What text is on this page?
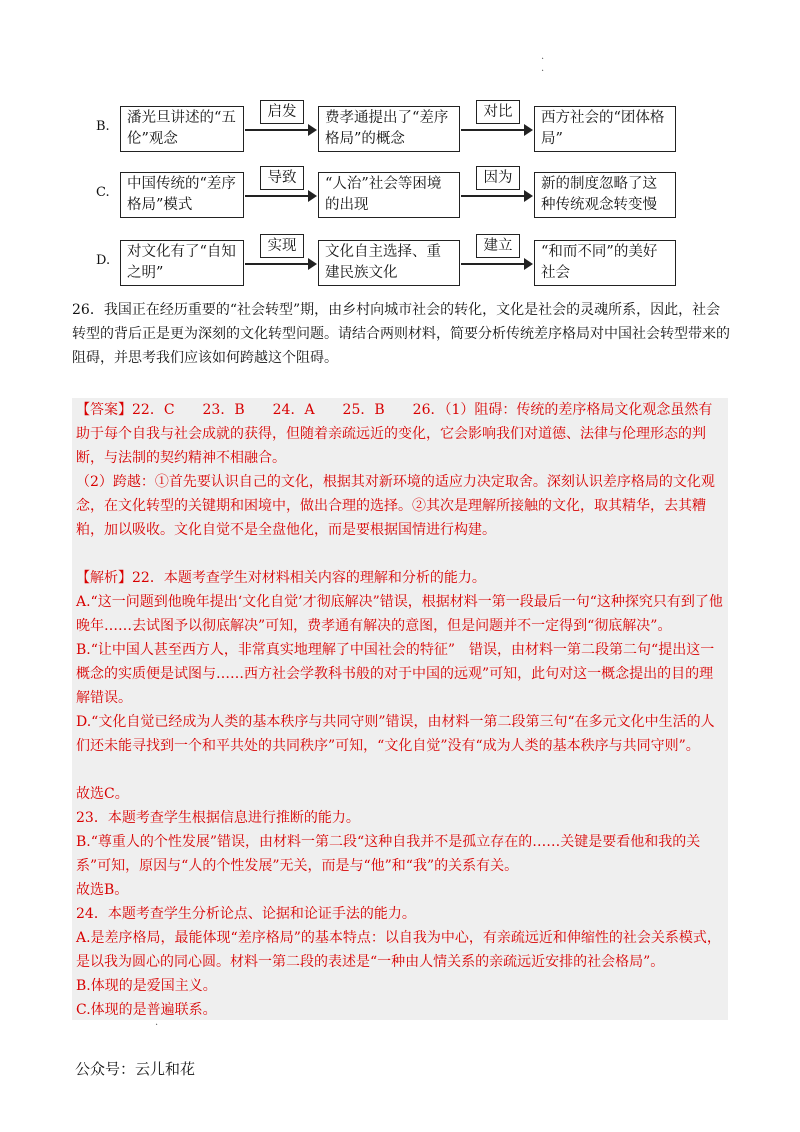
·
·
B.
潘光旦讲述的“五伦”观念
启发	费孝通提出了“差序格局”的概念
对比	西方社会的“团体格局”
C.
中国传统的“差序格局”模式
导致	“人治”社会等困境的出现
因为	新的制度忽略了这种传统观念转变慢
D.
对文化有了“自知之明”
实现	文化自主选择、重建民族文化
建立	“和而不同”的美好社会
26．我国正在经历重要的“社会转型”期，由乡村向城市社会的转化，文化是社会的灵魂所系，因此，社会转型的背后正是更为深刻的文化转型问题。请结合两则材料，简要分析传统差序格局对中国社会转型带来的阻碍，并思考我们应该如何跨越这个阻碍。
【答案】22．C　　23．B　　24．A　　25．B　　26．（1）阻碍：传统的差序格局文化观念虽然有助于每个自我与社会成就的获得，但随着亲疏远近的变化，它会影响我们对道德、法律与伦理形态的判断，与法制的契约精神不相融合。
（2）跨越：①首先要认识自己的文化，根据其对新环境的适应力决定取舍。深刻认识差序格局的文化观念，在文化转型的关键期和困境中，做出合理的选择。②其次是理解所接触的文化，取其精华，去其糟粕，加以吸收。文化自觉不是全盘他化，而是要根据国情进行构建。
【解析】22．本题考查学生对材料相关内容的理解和分析的能力。
A.“这一问题到他晚年提出‘文化自觉’才彻底解决”错误，根据材料一第一段最后一句“这种探究只有到了他晚年……去试图予以彻底解决”可知，费孝通有解决的意图，但是问题并不一定得到“彻底解决”。
B.“让中国人甚至西方人，非常真实地理解了中国社会的特征”　错误，由材料一第二段第二句“提出这一概念的实质便是试图与……西方社会学教科书般的对于中国的远观”可知，此句对这一概念提出的目的理解错误。
D.“文化自觉已经成为人类的基本秩序与共同守则”错误，由材料一第二段第三句“在多元文化中生活的人们还未能寻找到一个和平共处的共同秩序”可知，“文化自觉”没有“成为人类的基本秩序与共同守则”。
故选C。
23．本题考查学生根据信息进行推断的能力。
B.“尊重人的个性发展”错误，由材料一第二段“这种自我并不是孤立存在的……关键是要看他和我的关系”可知，原因与“人的个性发展”无关，而是与“他”和“我”的关系有关。
故选B。
24．本题考查学生分析论点、论据和论证手法的能力。
A.是差序格局，最能体现“差序格局”的基本特点：以自我为中心，有亲疏远近和伸缩性的社会关系模式，是以我为圆心的同心圆。材料一第二段的表述是“一种由人情关系的亲疏远近安排的社会格局”。
B.体现的是爱国主义。
C.体现的是普遍联系。
·
公众号：云儿和花
